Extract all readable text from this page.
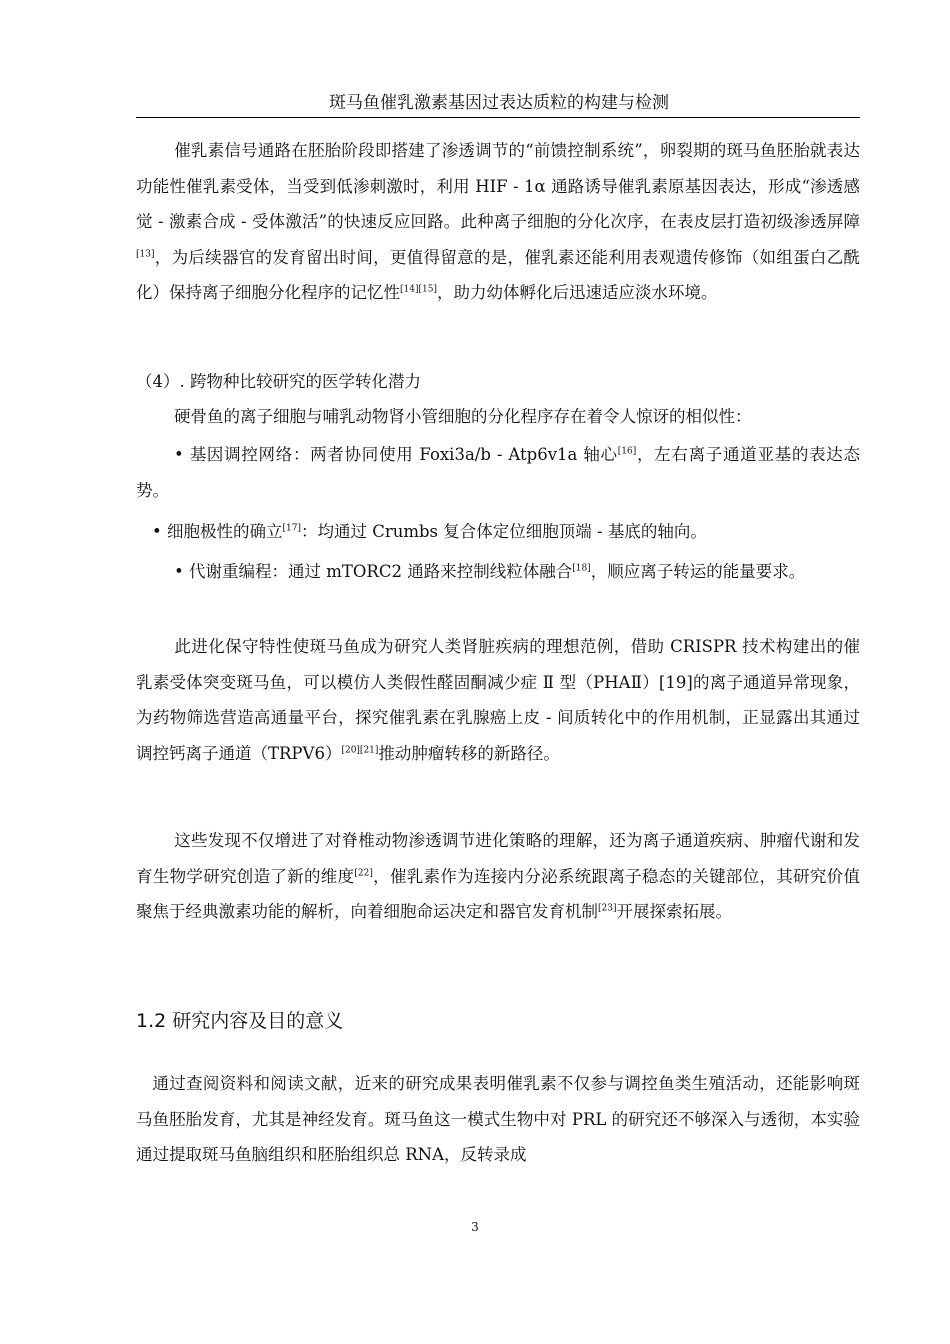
斑马鱼催乳激素基因过表达质粒的构建与检测

催乳素信号通路在胚胎阶段即搭建了渗透调节的“前馈控制系统”，卵裂期的斑马鱼胚胎就表达功能性催乳素受体，当受到低渗刺激时，利用 HIF - 1α 通路诱导催乳素原基因表达，形成“渗透感觉 - 激素合成 - 受体激活”的快速反应回路。此种离子细胞的分化次序，在表皮层打造初级渗透屏障[13]，为后续器官的发育留出时间，更值得留意的是，催乳素还能利用表观遗传修饰（如组蛋白乙酰化）保持离子细胞分化程序的记忆性[14][15]，助力幼体孵化后迅速适应淡水环境。

（4）. 跨物种比较研究的医学转化潜力

硬骨鱼的离子细胞与哺乳动物肾小管细胞的分化程序存在着令人惊讶的相似性：

• 基因调控网络：两者协同使用 Foxi3a/b - Atp6v1a 轴心[16]，左右离子通道亚基的表达态势。

• 细胞极性的确立[17]：均通过 Crumbs 复合体定位细胞顶端 - 基底的轴向。

• 代谢重编程：通过 mTORC2 通路来控制线粒体融合[18]，顺应离子转运的能量要求。

此进化保守特性使斑马鱼成为研究人类肾脏疾病的理想范例，借助 CRISPR 技术构建出的催乳素受体突变斑马鱼，可以模仿人类假性醛固酮减少症 Ⅱ 型（PHAⅡ）[19]的离子通道异常现象，为药物筛选营造高通量平台，探究催乳素在乳腺癌上皮 - 间质转化中的作用机制，正显露出其通过调控钙离子通道（TRPV6）[20][21]推动肿瘤转移的新路径。

这些发现不仅增进了对脊椎动物渗透调节进化策略的理解，还为离子通道疾病、肿瘤代谢和发育生物学研究创造了新的维度[22]，催乳素作为连接内分泌系统跟离子稳态的关键部位，其研究价值聚焦于经典激素功能的解析，向着细胞命运决定和器官发育机制[23]开展探索拓展。

1.2 研究内容及目的意义

通过查阅资料和阅读文献，近来的研究成果表明催乳素不仅参与调控鱼类生殖活动，还能影响斑马鱼胚胎发育，尤其是神经发育。斑马鱼这一模式生物中对 PRL 的研究还不够深入与透彻，本实验通过提取斑马鱼脑组织和胚胎组织总 RNA，反转录成

3
